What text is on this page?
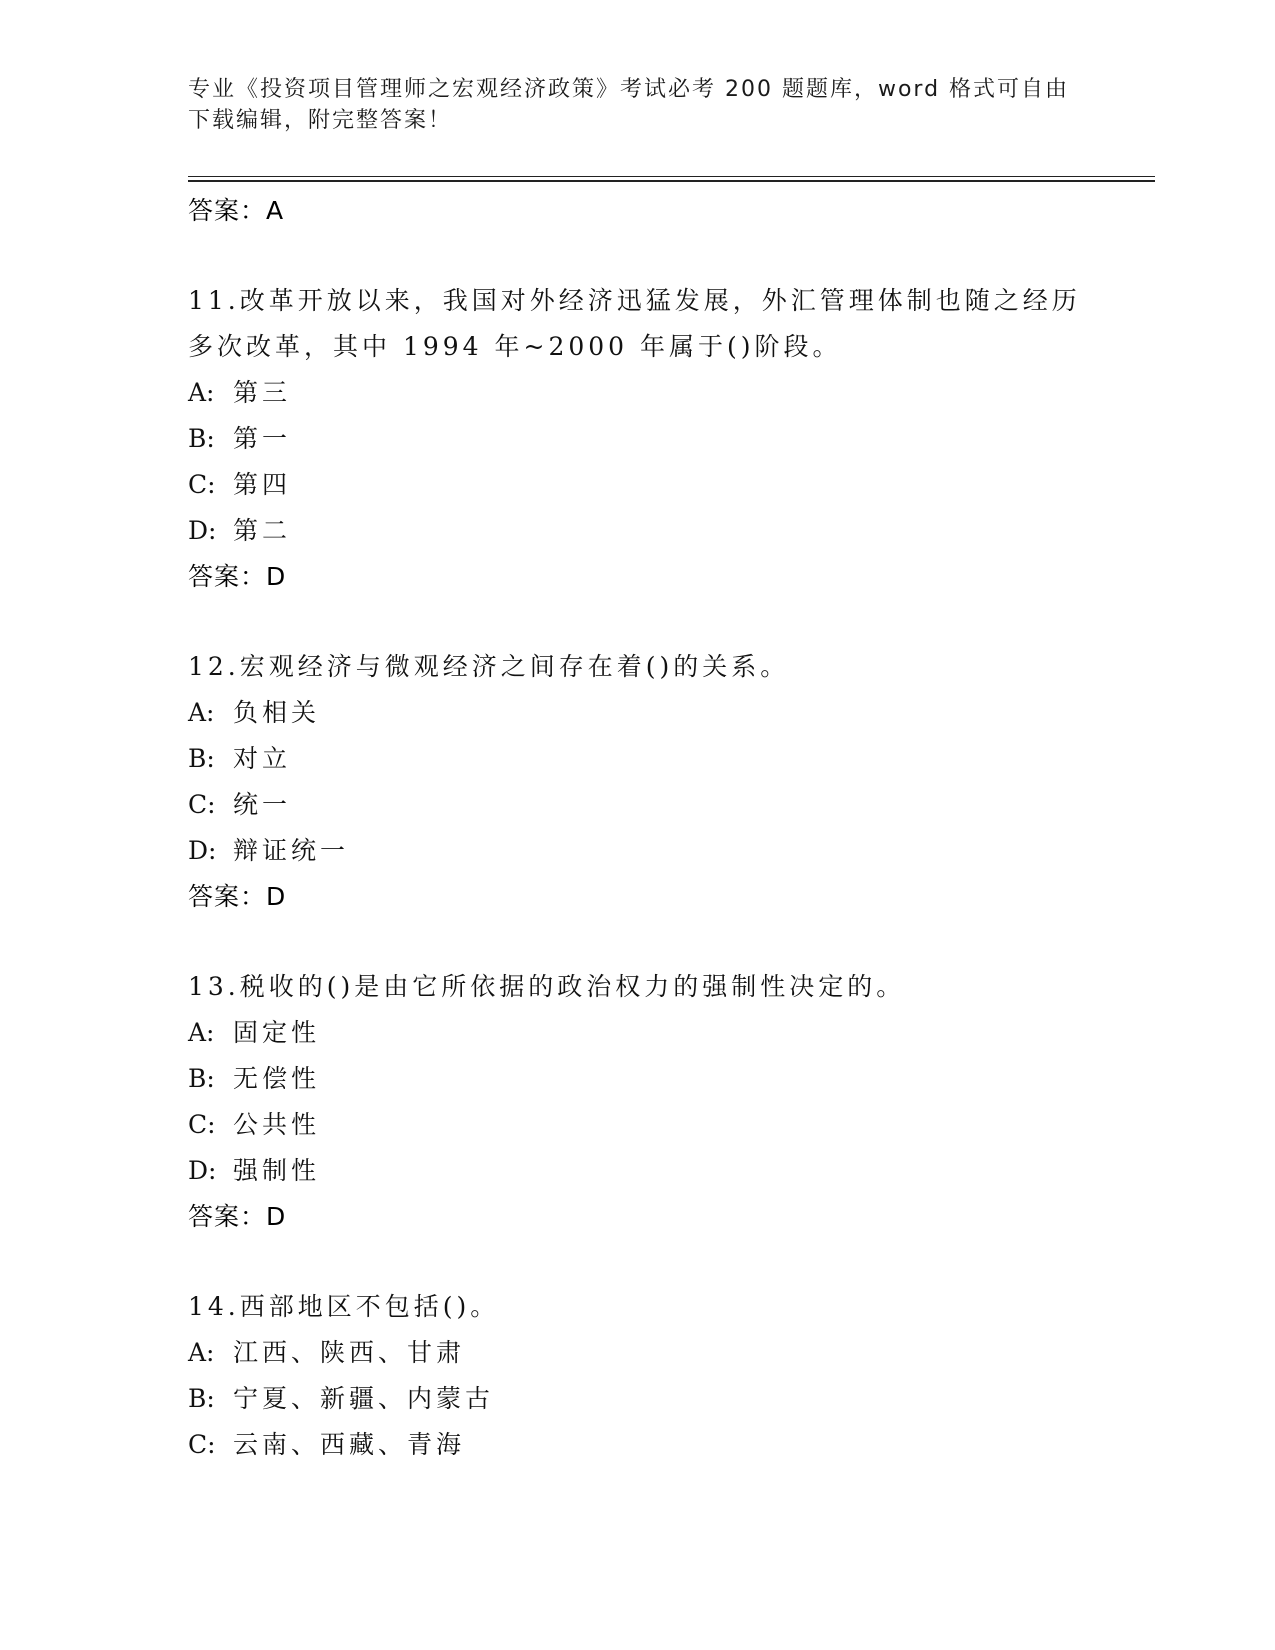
专业《投资项目管理师之宏观经济政策》考试必考 200 题题库，word 格式可自由下载编辑，附完整答案！
答案：A
11.改革开放以来，我国对外经济迅猛发展，外汇管理体制也随之经历多次改革，其中 1994 年~2000 年属于()阶段。
A: 第三
B: 第一
C: 第四
D: 第二
答案：D
12.宏观经济与微观经济之间存在着()的关系。
A: 负相关
B: 对立
C: 统一
D: 辩证统一
答案：D
13.税收的()是由它所依据的政治权力的强制性决定的。
A: 固定性
B: 无偿性
C: 公共性
D: 强制性
答案：D
14.西部地区不包括()。
A: 江西、陕西、甘肃
B: 宁夏、新疆、内蒙古
C: 云南、西藏、青海
